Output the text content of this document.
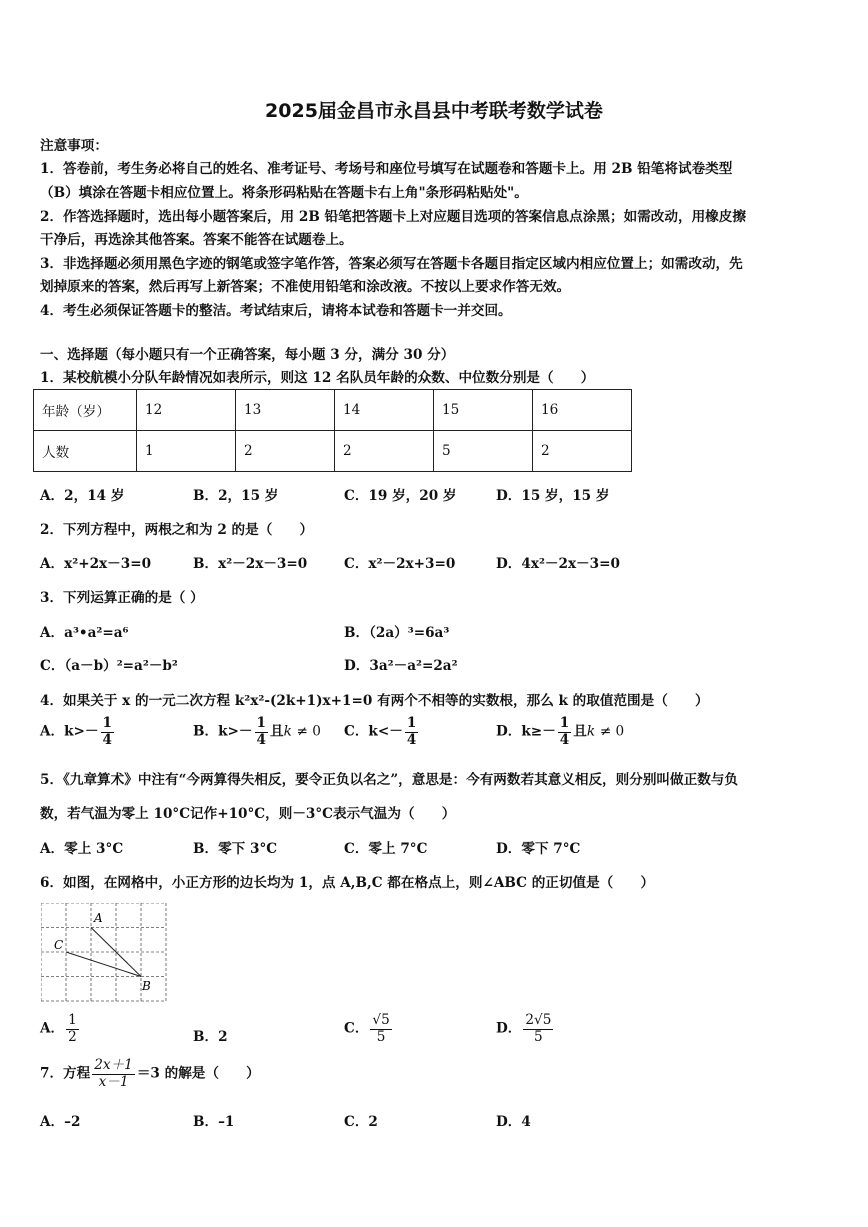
2025届金昌市永昌县中考联考数学试卷

注意事项：

1．答卷前，考生务必将自己的姓名、准考证号、考场号和座位号填写在试题卷和答题卡上。用 2B 铅笔将试卷类型

（B）填涂在答题卡相应位置上。将条形码粘贴在答题卡右上角"条形码粘贴处"。

2．作答选择题时，选出每小题答案后，用 2B 铅笔把答题卡上对应题目选项的答案信息点涂黑；如需改动，用橡皮擦

干净后，再选涂其他答案。答案不能答在试题卷上。

3．非选择题必须用黑色字迹的钢笔或签字笔作答，答案必须写在答题卡各题目指定区域内相应位置上；如需改动，先

划掉原来的答案，然后再写上新答案；不准使用铅笔和涂改液。不按以上要求作答无效。

4．考生必须保证答题卡的整洁。考试结束后，请将本试卷和答题卡一并交回。

一、选择题（每小题只有一个正确答案，每小题 3 分，满分 30 分）

1．某校航模小分队年龄情况如表所示，则这 12 名队员年龄的众数、中位数分别是（　　）

年龄（岁）	12	13	14	15	16
人数	1	2	2	5	2
A．2，14 岁	B．2，15 岁	C．19 岁，20 岁	D．15 岁，15 岁

2．下列方程中，两根之和为 2 的是（　　）

A．x²+2x－3=0	B．x²－2x－3=0	C．x²－2x+3=0	D．4x²－2x－3=0

3．下列运算正确的是（ ）

A．a³•a²=a⁶	B．（2a）³=6a³
C．（a－b）²=a²－b²	D．3a²－a²=2a²

4．如果关于 x 的一元二次方程 k²x²-(2k+1)x+1=0 有两个不相等的实数根，那么 k 的取值范围是（　　）

A．$k>- \frac{1}{4}$	B．$k>- \frac{1}{4}$ 且k ≠ 0 C．$k<- \frac{1}{4}$	D．$k\ge- \frac{1}{4}$ 且k ≠ 0

5．《九章算术》中注有“今两算得失相反，要令正负以名之”，意思是：今有两数若其意义相反，则分别叫做正数与负

数，若气温为零上 10°C记作+10°C，则－3°C表示气温为（　　）

A．零上 3°C	B．零下 3°C	C．零上 7°C	D．零下 7°C

6．如图，在网格中，小正方形的边长均为 1，点 A,B,C 都在格点上，则∠ABC 的正切值是（　　）

A
C
B
A． $\frac{1}{2}$	B．2
C． $\frac{√5}{5}$	D． $\frac{2√5}{5}$
7．方程 $\frac{2x+1}{x-1} =3$ 的解是（　　）
A．–2	B．–1	C．2	D．4
